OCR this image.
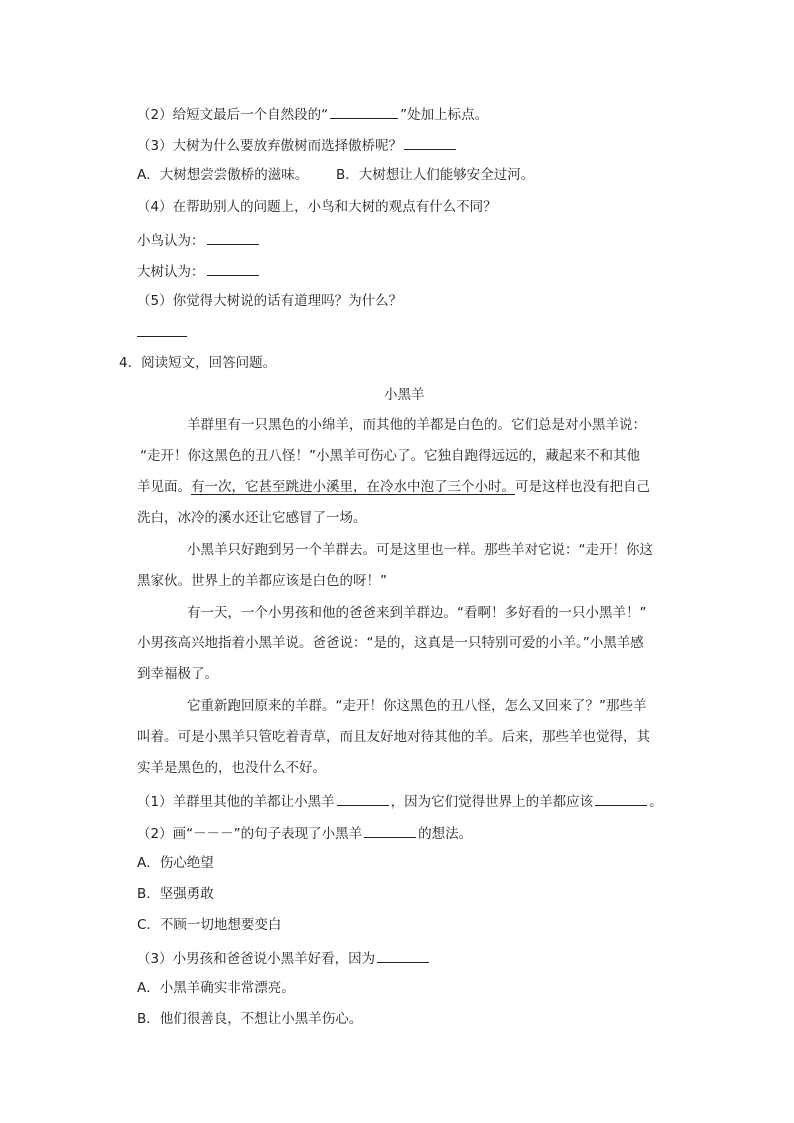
（2）给短文最后一个自然段的“	”处加上标点。
（3）大树为什么要放弃傲树而选择傲桥呢？
A．大树想尝尝傲桥的滋味。 B．大树想让人们能够安全过河。
（4）在帮助别人的问题上，小鸟和大树的观点有什么不同？
小鸟认为：
大树认为：
（5）你觉得大树说的话有道理吗？为什么？
4．阅读短文，回答问题。
小黑羊
羊群里有一只黑色的小绵羊，而其他的羊都是白色的。它们总是对小黑羊说：
“走开！你这黑色的丑八怪！”小黑羊可伤心了。它独自跑得远远的，藏起来不和其他
羊见面。有一次，它甚至跳进小溪里，在冷水中泡了三个小时。可是这样也没有把自己
洗白，冰冷的溪水还让它感冒了一场。
小黑羊只好跑到另一个羊群去。可是这里也一样。那些羊对它说：“走开！你这
黑家伙。世界上的羊都应该是白色的呀！”
有一天，一个小男孩和他的爸爸来到羊群边。“看啊！多好看的一只小黑羊！”
小男孩高兴地指着小黑羊说。爸爸说：“是的，这真是一只特别可爱的小羊。”小黑羊感
到幸福极了。
它重新跑回原来的羊群。“走开！你这黑色的丑八怪，怎么又回来了？”那些羊
叫着。可是小黑羊只管吃着青草，而且友好地对待其他的羊。后来，那些羊也觉得，其
实羊是黑色的，也没什么不好。
（1）羊群里其他的羊都让小黑羊	，因为它们觉得世界上的羊都应该	。
（2）画“－－－”的句子表现了小黑羊	的想法。
A．伤心绝望
B．坚强勇敢
C．不顾一切地想要变白
（3）小男孩和爸爸说小黑羊好看，因为
A．小黑羊确实非常漂亮。
B．他们很善良，不想让小黑羊伤心。
